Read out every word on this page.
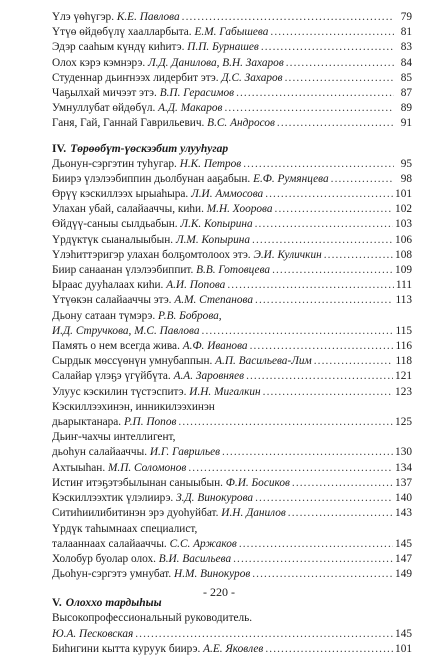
Үлэ үөһүгэр. К.Е. Павлова .....	79
Үтүө өйдөбүлү хаалларбыта. Е.М. Габышева .....	81
Эдэр сааһым күндү киһитэ. П.П. Бурнашев .....	83
Олох кэрэ кэмнэрэ. Л.Д. Данилова, В.Н. Захаров .....	84
Студеннар дьиҥнээх лидербит этэ. Д.С. Захаров .....	85
Чаҕылхай мичээт этэ. В.П. Герасимов .....	87
Умнуллубат өйдөбүл. А.Д. Макаров .....	89
Ганя, Гай, Ганнай Гаврильевич. В.С. Андросов .....	91
IV. Төрөөбүт-үөскээбит улууһугар
Дьонун-сэргэтин туһугар. Н.К. Петров .....	95
Биирэ үлэлээбиппин дьолбунан ааҕабын. Е.Ф. Румянцева .....	98
Өрүү кэскиллээх ырыаһыра. Л.И. Аммосова .....	101
Улахан убай, салайааччы, киһи. М.Н. Хоорова .....	102
Өйдүү-саныы сылдьабын. Л.К. Копырина .....	103
Үрдүктүк сыаналыыбын. Л.М. Копырина .....	106
Үлэһиттэригэр улахан болҕомтолоох этэ. Э.И. Куличкин .....	108
Биир санаанан үлэлээбиппит. В.В. Готовцева .....	109
Ыраас дууhалаах киһи. А.И. Попова .....	111
Үтүөкэн салайааччы этэ. А.М. Степанова .....	113
Дьону сатаан түмэрэ. Р.В. Боброва,
И.Д. Стручкова, М.С. Павлова .....	115
Память о нем всегда жива. А.Ф. Иванова .....	116
Сырдык мөссүөнүн умнубаппын. А.П. Васильева-Лим .....	118
Салайар үлэҕэ үгүйбүта. А.А. Заровняев .....	121
Улуус кэскилин түстэспитэ. И.Н. Мигалкин .....	123
Кэскиллээхинэн, инникилээхинэн
дьарыктанара. Р.П. Попов .....	125
Дьиҥ-чахчы интеллигент,
дьоһун салайааччы. И.Г. Гаврильев .....	130
Ахтыыһан. М.П. Соломонов .....	134
Истиҥ итэҕэтэбылынан саныыбын. Ф.И. Босиков .....	137
Кэскиллээхтик үлэлиирэ. З.Д. Винокурова .....	140
Ситиһиилибитинэн эрэ дуоһуйбат. И.Н. Данилов .....	143
Үрдүк таһымнаах специалист,
талааннаах салайааччы. С.С. Аржаков .....	145
Холобур буолар олох. В.И. Васильева .....	147
Дьоһун-сэргэтэ умнубат. Н.М. Винокуров .....	149
V. Олоххо тардыһыы
Высокопрофессиональный руководитель.
Ю.А. Песковская .....	145
Биһигини кытта куруук биирэ. А.Е. Яковлев .....	101
- 220 -
